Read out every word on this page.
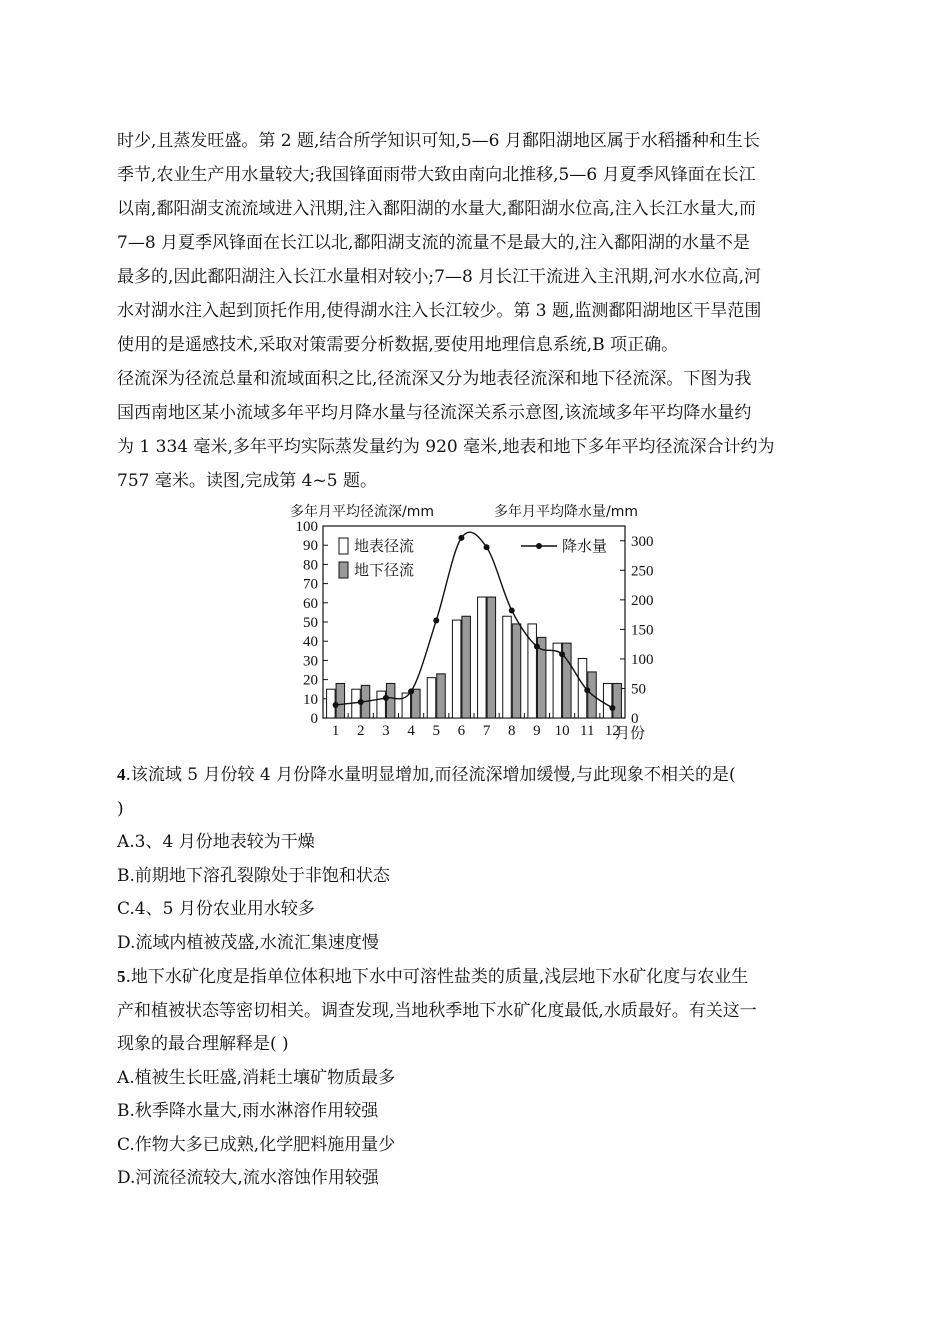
时少,且蒸发旺盛。第 2 题,结合所学知识可知,5—6 月鄱阳湖地区属于水稻播种和生长
季节,农业生产用水量较大;我国锋面雨带大致由南向北推移,5—6 月夏季风锋面在长江
以南,鄱阳湖支流流域进入汛期,注入鄱阳湖的水量大,鄱阳湖水位高,注入长江水量大,而
7—8 月夏季风锋面在长江以北,鄱阳湖支流的流量不是最大的,注入鄱阳湖的水量不是
最多的,因此鄱阳湖注入长江水量相对较小;7—8 月长江干流进入主汛期,河水水位高,河
水对湖水注入起到顶托作用,使得湖水注入长江较少。第 3 题,监测鄱阳湖地区干旱范围
使用的是遥感技术,采取对策需要分析数据,要使用地理信息系统,B 项正确。
径流深为径流总量和流域面积之比,径流深又分为地表径流深和地下径流深。下图为我
国西南地区某小流域多年平均月降水量与径流深关系示意图,该流域多年平均降水量约
为 1 334 毫米,多年平均实际蒸发量约为 920 毫米,地表和地下多年平均径流深合计约为
757 毫米。读图,完成第 4~5 题。
多年月平均径流深/mm	多年月平均降水量/mm
0
10
20
30
40
50
60
70
80
90
100
0
50
100
150
200
250
300
1 2 3 4 5 6 7 8 9 10 11 12
月份
地表径流
地下径流
降水量
4.该流域 5 月份较 4 月份降水量明显增加,而径流深增加缓慢,与此现象不相关的是(
)
A.3、4 月份地表较为干燥
B.前期地下溶孔裂隙处于非饱和状态
C.4、5 月份农业用水较多
D.流域内植被茂盛,水流汇集速度慢
5.地下水矿化度是指单位体积地下水中可溶性盐类的质量,浅层地下水矿化度与农业生
产和植被状态等密切相关。调查发现,当地秋季地下水矿化度最低,水质最好。有关这一
现象的最合理解释是( )
A.植被生长旺盛,消耗土壤矿物质最多
B.秋季降水量大,雨水淋溶作用较强
C.作物大多已成熟,化学肥料施用量少
D.河流径流较大,流水溶蚀作用较强
